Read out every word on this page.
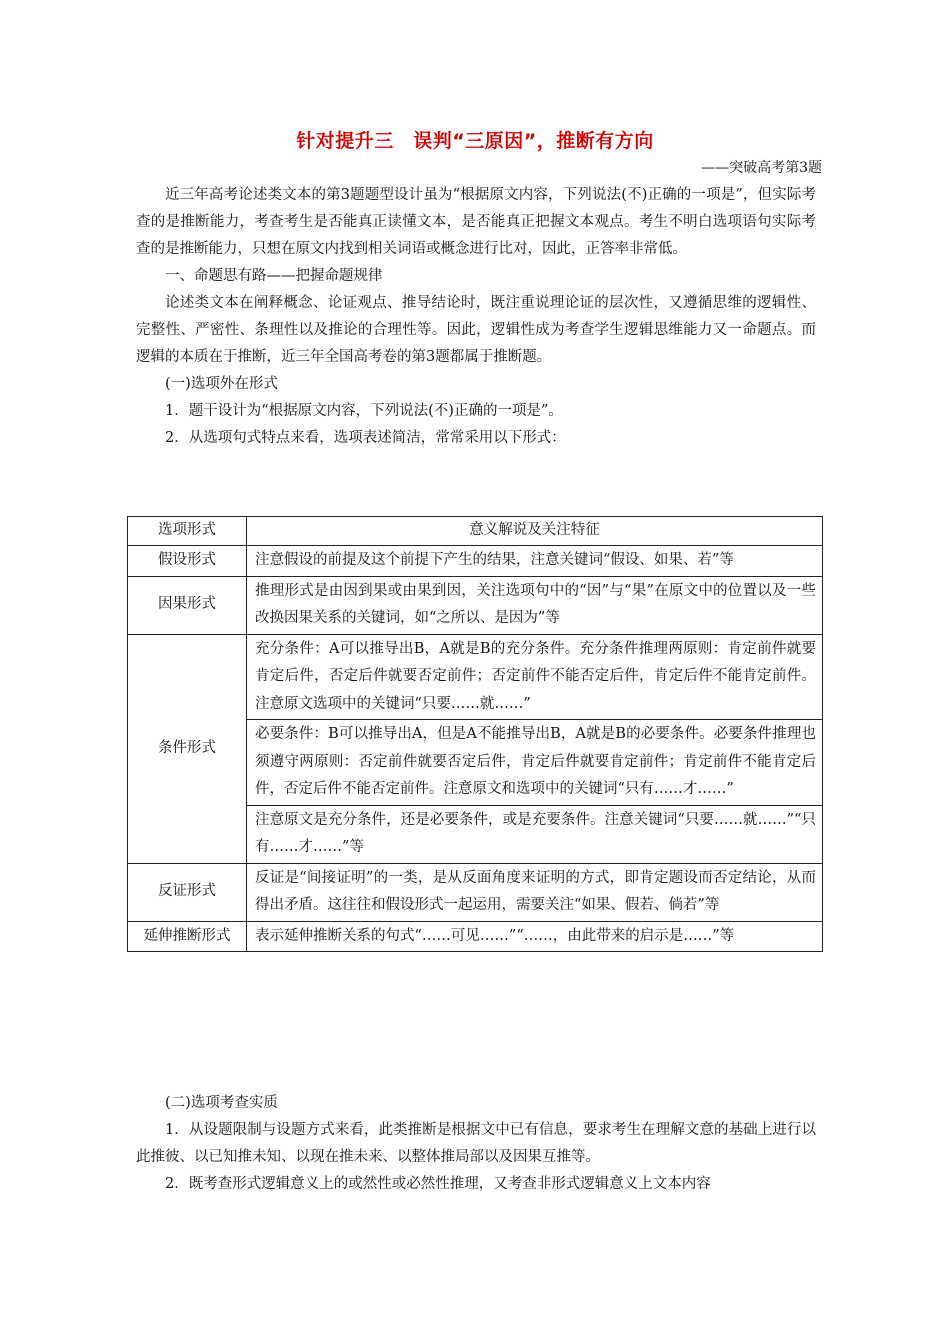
针对提升三　误判“三原因”，推断有方向
——突破高考第3题

近三年高考论述类文本的第3题题型设计虽为“根据原文内容，下列说法(不)正确的一项是”，但实际考查的是推断能力，考查考生是否能真正读懂文本，是否能真正把握文本观点。考生不明白选项语句实际考查的是推断能力，只想在原文内找到相关词语或概念进行比对，因此，正答率非常低。

一、命题思有路——把握命题规律

论述类文本在阐释概念、论证观点、推导结论时，既注重说理论证的层次性，又遵循思维的逻辑性、完整性、严密性、条理性以及推论的合理性等。因此，逻辑性成为考查学生逻辑思维能力又一命题点。而逻辑的本质在于推断，近三年全国高考卷的第3题都属于推断题。

(一)选项外在形式

1．题干设计为“根据原文内容，下列说法(不)正确的一项是”。

2．从选项句式特点来看，选项表述简洁，常常采用以下形式：

选项形式	意义解说及关注特征
假设形式	注意假设的前提及这个前提下产生的结果，注意关键词“假设、如果、若”等
因果形式	推理形式是由因到果或由果到因，关注选项句中的“因”与“果”在原文中的位置以及一些改换因果关系的关键词，如“之所以、是因为”等
条件形式	充分条件：A可以推导出B，A就是B的充分条件。充分条件推理两原则：肯定前件就要肯定后件，否定后件就要否定前件；否定前件不能否定后件，肯定后件不能肯定前件。注意原文选项中的关键词“只要……就……”
	必要条件：B可以推导出A，但是A不能推导出B，A就是B的必要条件。必要条件推理也须遵守两原则：否定前件就要否定后件，肯定后件就要肯定前件；肯定前件不能肯定后件，否定后件不能否定前件。注意原文和选项中的关键词“只有……才……”
	注意原文是充分条件，还是必要条件，或是充要条件。注意关键词“只要……就……”“只有……才……”等
反证形式	反证是“间接证明”的一类，是从反面角度来证明的方式，即肯定题设而否定结论，从而得出矛盾。这往往和假设形式一起运用，需要关注“如果、假若、倘若”等
延伸推断形式	表示延伸推断关系的句式“……可见……”“……，由此带来的启示是……”等

(二)选项考查实质

1．从设题限制与设题方式来看，此类推断是根据文中已有信息，要求考生在理解文意的基础上进行以此推彼、以已知推未知、以现在推未来、以整体推局部以及因果互推等。

2．既考查形式逻辑意义上的或然性或必然性推理，又考查非形式逻辑意义上文本内容
